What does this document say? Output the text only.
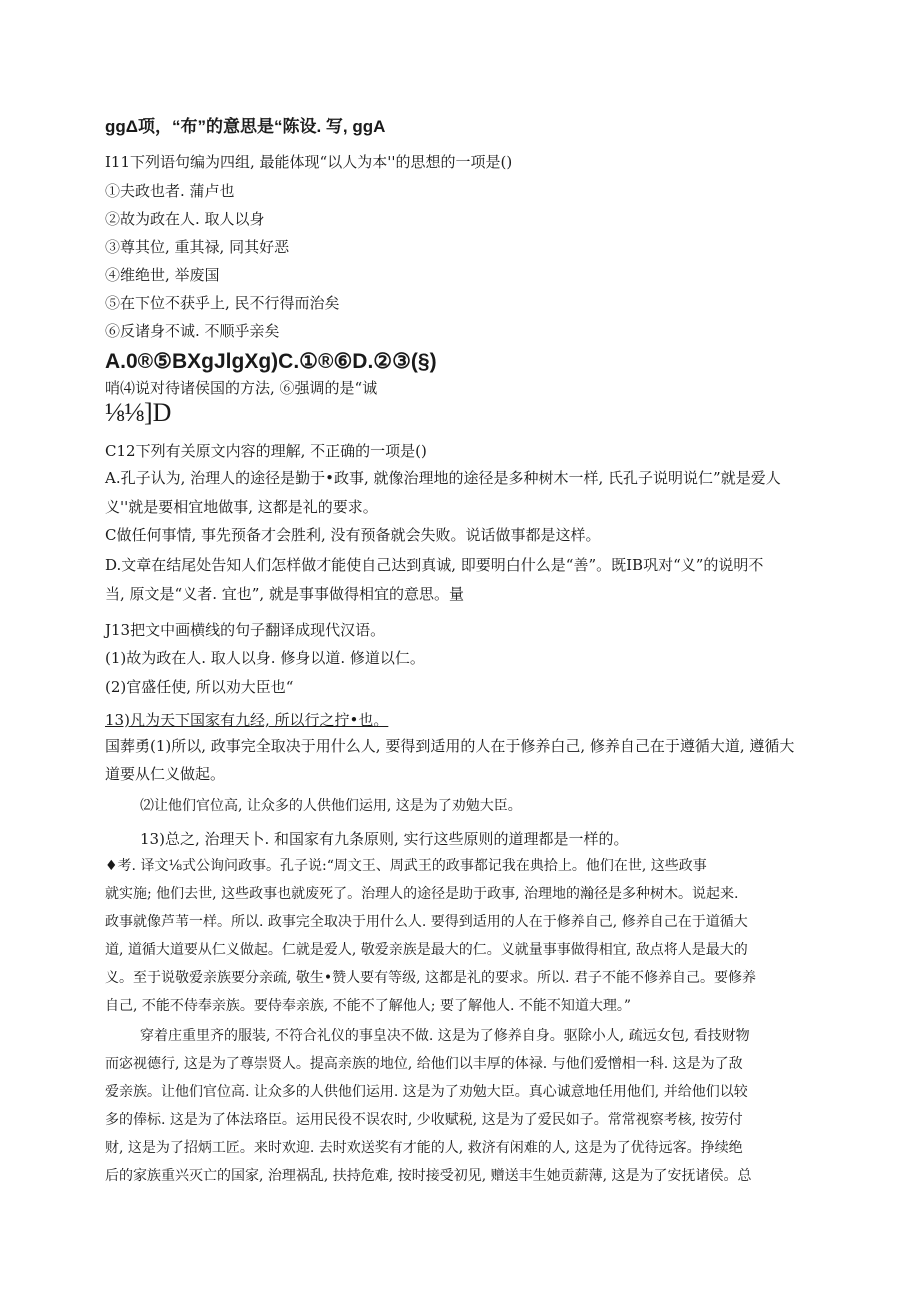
ggΔ项，“布”的意思是“陈设. 写, ggA
I11下列语句编为四组, 最能体现“以人为本''的思想的一项是()
①夫政也者. 蒲卢也
②故为政在人. 取人以身
③尊其位, 重其禄, 同其好恶
④维绝世, 举废国
⑤在下位不获乎上, 民不行得而治矣
⑥反诸身不诚. 不顺乎亲矣
A.0®⑤BXgJlgXg)C.①®⑥D.②③(§)
哨⑷说对待诸侯国的方法, ⑥强调的是“诚
⅛⅛]D
C12下列有关原文内容的理解, 不正确的一项是()
A.孔子认为, 治理人的途径是勤于•政事, 就像治理地的途径是多种树木一样, 氏孔子说明说仁”就是爱人
义''就是要相宜地做事, 这都是礼的要求。
C做任何事情, 事先预备才会胜利, 没有预备就会失败。说话做事都是这样。
D.文章在结尾处告知人们怎样做才能使自己达到真诚, 即要明白什么是“善”。既IB巩对“义”的说明不
当, 原文是“义者. 宜也”, 就是事事做得相宜的意思。量
J13把文中画横线的句子翻译成现代汉语。
(1)故为政在人. 取人以身. 修身以道. 修道以仁。
(2)官盛任使, 所以劝大臣也“
13)凡为天下国家有九经, 所以行之拧•也。
国葬勇(1)所以, 政事完全取决于用什么人, 要得到适用的人在于修养白己, 修养自己在于遵循大道, 遵循大
道要从仁义做起。
⑵让他们官位高, 让众多的人供他们运用, 这是为了劝勉大臣。
13)总之, 治理天卜. 和国家有九条原则, 实行这些原则的道理都是一样的。
♦考. 译文⅛式公询问政事。孔子说:“周文王、周武王的政事都记我在典拾上。他们在世, 这些政事
就实施; 他们去世, 这些政事也就废死了。治理人的途径是助于政事, 治理地的瀚径是多种树木。说起来.
政事就像芦苇一样。所以. 政事完全取决于用什么人. 要得到适用的人在于修养自己, 修养自己在于道循大
道, 道循大道要从仁义做起。仁就是爱人, 敬爱亲族是最大的仁。义就量事事做得相宜, 敌点将人是最大的
义。至于说敬爱亲族要分亲疏, 敬生•赞人要有等级, 这都是礼的要求。所以. 君子不能不修养自己。要修养
自己, 不能不侍奉亲族。要侍奉亲族, 不能不了解他人; 要了解他人. 不能不知道大理。”
穿着庄重里齐的服装, 不符合礼仪的事皇决不做. 这是为了修养自身。驱除小人, 疏远女包, 看技财物
而宓视德行, 这是为了尊崇贤人。提高亲族的地位, 给他们以丰厚的体禄. 与他们爱憎相一科. 这是为了敌
爱亲族。让他们官位高. 让众多的人供他们运用. 这是为了劝勉大臣。真心诚意地任用他们, 并给他们以较
多的俸标. 这是为了体法珞臣。运用民役不误农时, 少收赋税, 这是为了爱民如子。常常视察考核, 按劳付
财, 这是为了招炳工匠。来时欢迎. 去时欢送奖有才能的人, 救济有闲难的人, 这是为了优待远客。挣续绝
后的家族重兴灭亡的国家, 治理祸乱, 扶持危难, 按时接受初见, 赠送丰生她贡薪薄, 这是为了安抚诸侯。总
